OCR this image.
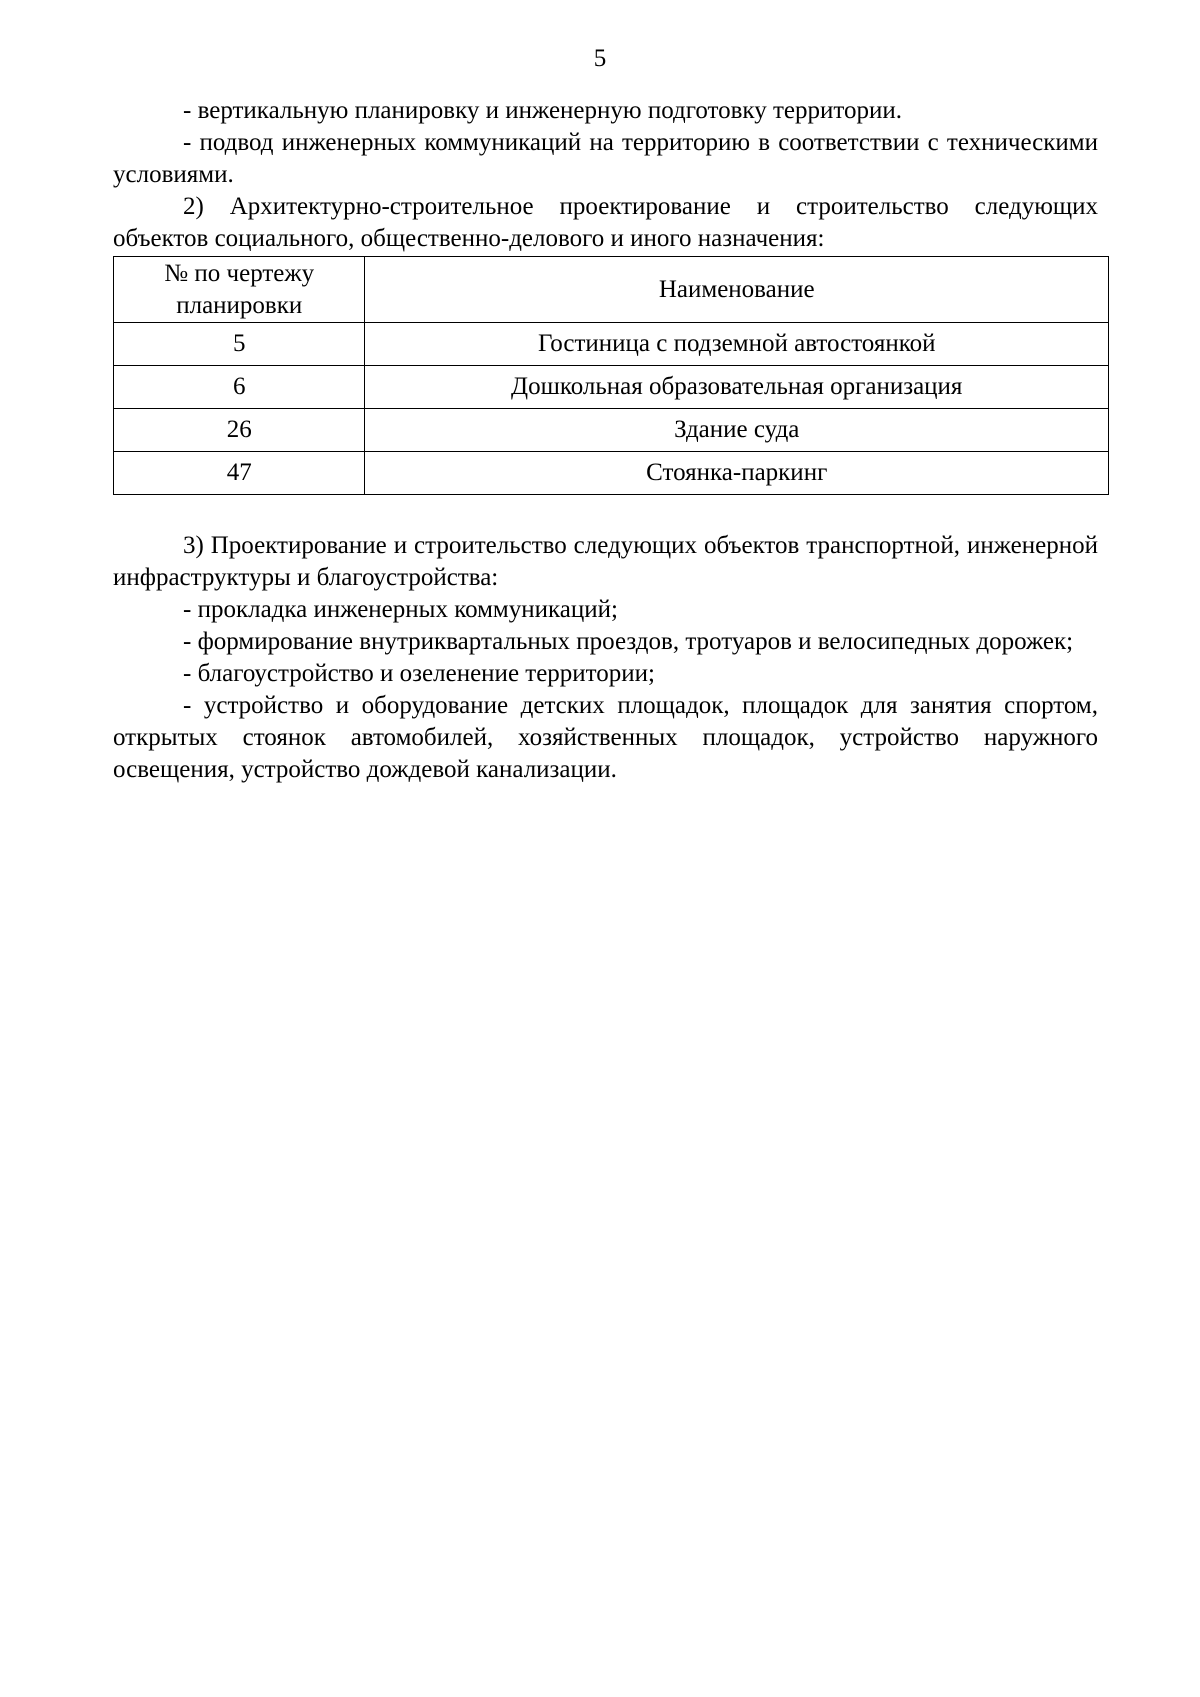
5

- вертикальную планировку и инженерную подготовку территории.

- подвод инженерных коммуникаций на территорию в соответствии с техническими условиями.

2) Архитектурно-строительное проектирование и строительство следующих объектов социального, общественно-делового и иного назначения:

№ по чертежу планировки	Наименование
5	Гостиница с подземной автостоянкой
6	Дошкольная образовательная организация
26	Здание суда
47	Стоянка-паркинг

3) Проектирование и строительство следующих объектов транспортной, инженерной инфраструктуры и благоустройства:

- прокладка инженерных коммуникаций;

- формирование внутриквартальных проездов, тротуаров и велосипедных дорожек;

- благоустройство и озеленение территории;

- устройство и оборудование детских площадок, площадок для занятия спортом, открытых стоянок автомобилей, хозяйственных площадок, устройство наружного освещения, устройство дождевой канализации.
